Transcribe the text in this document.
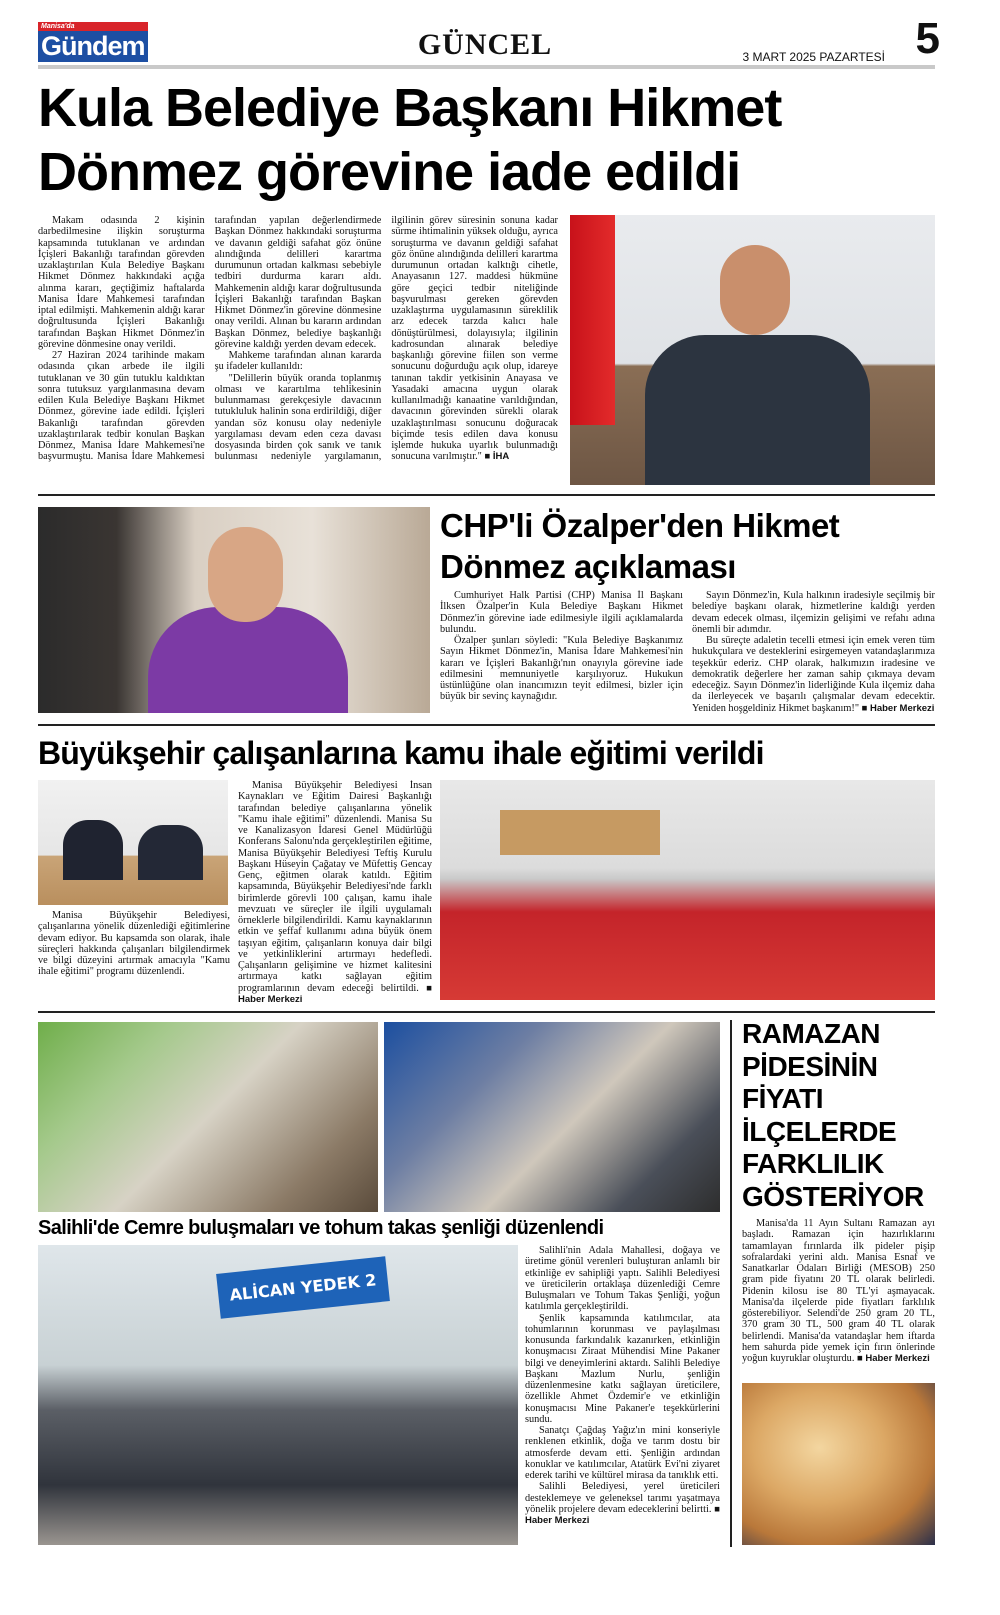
Manisa'da
Gündem	GÜNCEL	3 MART 2025 PAZARTESİ 5
Kula Belediye Başkanı Hikmet Dönmez görevine iade edildi

Makam odasında 2 kişinin darbedilmesine ilişkin soruşturma kapsamında tutuklanan ve ardından İçişleri Bakanlığı tarafından görevden uzaklaştırılan Kula Belediye Başkanı Hikmet Dönmez hakkındaki açığa alınma kararı, geçtiğimiz haftalarda Manisa İdare Mahkemesi tarafından iptal edilmişti. Mahkemenin aldığı karar doğrultusunda İçişleri Bakanlığı tarafından Başkan Hikmet Dönmez'in görevine dönmesine onay verildi.

27 Haziran 2024 tarihinde makam odasında çıkan arbede ile ilgili tutuklanan ve 30 gün tutuklu kaldıktan sonra tutuksuz yargılanmasına devam edilen Kula Belediye Başkanı Hikmet Dönmez, görevine iade edildi. İçişleri Bakanlığı tarafından görevden uzaklaştırılarak tedbir konulan Başkan Dönmez, Manisa İdare Mahkemesi'ne başvurmuştu. Manisa İdare Mahkemesi tarafından yapılan değerlendirmede Başkan Dönmez hakkındaki soruşturma ve davanın geldiği safahat göz önüne alındığında delilleri karartma durumunun ortadan kalkması sebebiyle tedbiri durdurma kararı aldı. Mahkemenin aldığı karar doğrultusunda İçişleri Bakanlığı tarafından Başkan Hikmet Dönmez'in görevine dönmesine onay verildi. Alınan bu kararın ardından Başkan Dönmez, belediye başkanlığı görevine kaldığı yerden devam edecek.

Mahkeme tarafından alınan kararda şu ifadeler kullanıldı:

"Delillerin büyük oranda toplanmış olması ve karartılma tehlikesinin bulunmaması gerekçesiyle davacının tutukluluk halinin sona erdirildiği, diğer yandan söz konusu olay nedeniyle yargılaması devam eden ceza davası dosyasında birden çok sanık ve tanık bulunması nedeniyle yargılamanın, ilgilinin görev süresinin sonuna kadar sürme ihtimalinin yüksek olduğu, ayrıca soruşturma ve davanın geldiği safahat göz önüne alındığında delilleri karartma durumunun ortadan kalktığı cihetle, Anayasanın 127. maddesi hükmüne göre geçici tedbir niteliğinde başvurulması gereken görevden uzaklaştırma uygulamasının süreklilik arz edecek tarzda kalıcı hale dönüştürülmesi, dolayısıyla; ilgilinin kadrosundan alınarak belediye başkanlığı görevine fiilen son verme sonucunu doğurduğu açık olup, idareye tanınan takdir yetkisinin Anayasa ve Yasadaki amacına uygun olarak kullanılmadığı kanaatine varıldığından, davacının görevinden sürekli olarak uzaklaştırılması sonucunu doğuracak biçimde tesis edilen dava konusu işlemde hukuka uyarlık bulunmadığı sonucuna varılmıştır." ■ İHA

CHP'li Özalper'den Hikmet Dönmez açıklaması

Cumhuriyet Halk Partisi (CHP) Manisa İl Başkanı İlksen Özalper'in Kula Belediye Başkanı Hikmet Dönmez'in görevine iade edilmesiyle ilgili açıklamalarda bulundu.

Özalper şunları söyledi: "Kula Belediye Başkanımız Sayın Hikmet Dönmez'in, Manisa İdare Mahkemesi'nin kararı ve İçişleri Bakanlığı'nın onayıyla görevine iade edilmesini memnuniyetle karşılıyoruz. Hukukun üstünlüğüne olan inancımızın teyit edilmesi, bizler için büyük bir sevinç kaynağıdır.

Sayın Dönmez'in, Kula halkının iradesiyle seçilmiş bir belediye başkanı olarak, hizmetlerine kaldığı yerden devam edecek olması, ilçemizin gelişimi ve refahı adına önemli bir adımdır.

Bu süreçte adaletin tecelli etmesi için emek veren tüm hukukçulara ve desteklerini esirgemeyen vatandaşlarımıza teşekkür ederiz. CHP olarak, halkımızın iradesine ve demokratik değerlere her zaman sahip çıkmaya devam edeceğiz. Sayın Dönmez'in liderliğinde Kula ilçemiz daha da ilerleyecek ve başarılı çalışmalar devam edecektir. Yeniden hoşgeldiniz Hikmet başkanım!" ■ Haber Merkezi

Büyükşehir çalışanlarına kamu ihale eğitimi verildi

Manisa Büyükşehir Belediyesi, çalışanlarına yönelik düzenlediği eğitimlerine devam ediyor. Bu kapsamda son olarak, ihale süreçleri hakkında çalışanları bilgilendirmek ve bilgi düzeyini artırmak amacıyla "Kamu ihale eğitimi" programı düzenlendi.

Manisa Büyükşehir Belediyesi İnsan Kaynakları ve Eğitim Dairesi Başkanlığı tarafından belediye çalışanlarına yönelik "Kamu ihale eğitimi" düzenlendi. Manisa Su ve Kanalizasyon İdaresi Genel Müdürlüğü Konferans Salonu'nda gerçekleştirilen eğitime, Manisa Büyükşehir Belediyesi Teftiş Kurulu Başkanı Hüseyin Çağatay ve Müfettiş Gencay Genç, eğitmen olarak katıldı. Eğitim kapsamında, Büyükşehir Belediyesi'nde farklı birimlerde görevli 100 çalışan, kamu ihale mevzuatı ve süreçler ile ilgili uygulamalı örneklerle bilgilendirildi. Kamu kaynaklarının etkin ve şeffaf kullanımı adına büyük önem taşıyan eğitim, çalışanların konuya dair bilgi ve yetkinliklerini artırmayı hedefledi. Çalışanların gelişimine ve hizmet kalitesini artırmaya katkı sağlayan eğitim programlarının devam edeceği belirtildi. ■ Haber Merkezi

Salihli'de Cemre buluşmaları ve tohum takas şenliği düzenlendi
ALİCAN YEDEK 2

Salihli'nin Adala Mahallesi, doğaya ve üretime gönül verenleri buluşturan anlamlı bir etkinliğe ev sahipliği yaptı. Salihli Belediyesi ve üreticilerin ortaklaşa düzenlediği Cemre Buluşmaları ve Tohum Takas Şenliği, yoğun katılımla gerçekleştirildi.

Şenlik kapsamında katılımcılar, ata tohumlarının korunması ve paylaşılması konusunda farkındalık kazanırken, etkinliğin konuşmacısı Ziraat Mühendisi Mine Pakaner bilgi ve deneyimlerini aktardı. Salihli Belediye Başkanı Mazlum Nurlu, şenliğin düzenlenmesine katkı sağlayan üreticilere, özellikle Ahmet Özdemir'e ve etkinliğin konuşmacısı Mine Pakaner'e teşekkürlerini sundu.

Sanatçı Çağdaş Yağız'ın mini konseriyle renklenen etkinlik, doğa ve tarım dostu bir atmosferde devam etti. Şenliğin ardından konuklar ve katılımcılar, Atatürk Evi'ni ziyaret ederek tarihi ve kültürel mirasa da tanıklık etti.

Salihli Belediyesi, yerel üreticileri desteklemeye ve geleneksel tarımı yaşatmaya yönelik projelere devam edeceklerini belirtti. ■ Haber Merkezi

RAMAZAN PİDESİNİN FİYATI İLÇELERDE FARKLILIK GÖSTERİYOR

Manisa'da 11 Ayın Sultanı Ramazan ayı başladı. Ramazan için hazırlıklarını tamamlayan fırınlarda ilk pideler pişip sofralardaki yerini aldı. Manisa Esnaf ve Sanatkarlar Odaları Birliği (MESOB) 250 gram pide fiyatını 20 TL olarak belirledi. Pidenin kilosu ise 80 TL'yi aşmayacak. Manisa'da ilçelerde pide fiyatları farklılık gösterebiliyor. Selendi'de 250 gram 20 TL, 370 gram 30 TL, 500 gram 40 TL olarak belirlendi. Manisa'da vatandaşlar hem iftarda hem sahurda pide yemek için fırın önlerinde yoğun kuyruklar oluşturdu. ■ Haber Merkezi
